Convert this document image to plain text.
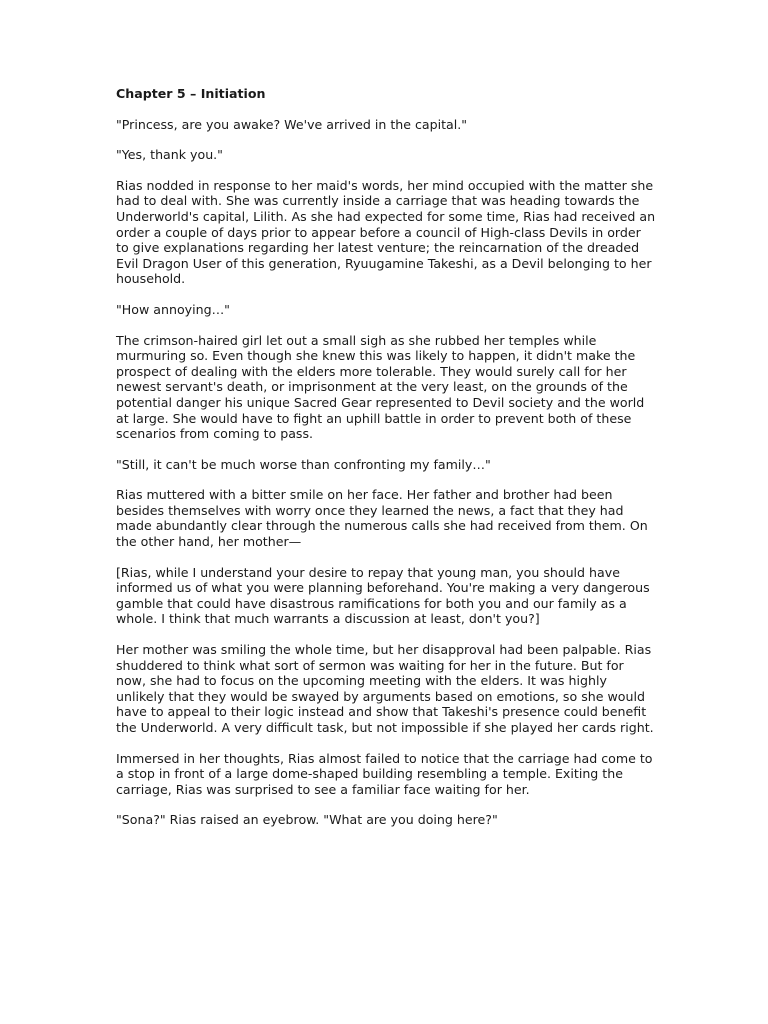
Chapter 5 – Initiation

"Princess, are you awake? We've arrived in the capital."

"Yes, thank you."

Rias nodded in response to her maid's words, her mind occupied with the matter she had to deal with. She was currently inside a carriage that was heading towards the Underworld's capital, Lilith. As she had expected for some time, Rias had received an order a couple of days prior to appear before a council of High-class Devils in order to give explanations regarding her latest venture; the reincarnation of the dreaded Evil Dragon User of this generation, Ryuugamine Takeshi, as a Devil belonging to her household.

"How annoying…"

The crimson-haired girl let out a small sigh as she rubbed her temples while murmuring so. Even though she knew this was likely to happen, it didn't make the prospect of dealing with the elders more tolerable. They would surely call for her newest servant's death, or imprisonment at the very least, on the grounds of the potential danger his unique Sacred Gear represented to Devil society and the world at large. She would have to fight an uphill battle in order to prevent both of these scenarios from coming to pass.

"Still, it can't be much worse than confronting my family…"

Rias muttered with a bitter smile on her face. Her father and brother had been besides themselves with worry once they learned the news, a fact that they had made abundantly clear through the numerous calls she had received from them. On the other hand, her mother—

[Rias, while I understand your desire to repay that young man, you should have informed us of what you were planning beforehand. You're making a very dangerous gamble that could have disastrous ramifications for both you and our family as a whole. I think that much warrants a discussion at least, don't you?]

Her mother was smiling the whole time, but her disapproval had been palpable. Rias shuddered to think what sort of sermon was waiting for her in the future. But for now, she had to focus on the upcoming meeting with the elders. It was highly unlikely that they would be swayed by arguments based on emotions, so she would have to appeal to their logic instead and show that Takeshi's presence could benefit the Underworld. A very difficult task, but not impossible if she played her cards right.

Immersed in her thoughts, Rias almost failed to notice that the carriage had come to a stop in front of a large dome-shaped building resembling a temple. Exiting the carriage, Rias was surprised to see a familiar face waiting for her.

"Sona?" Rias raised an eyebrow. "What are you doing here?"
